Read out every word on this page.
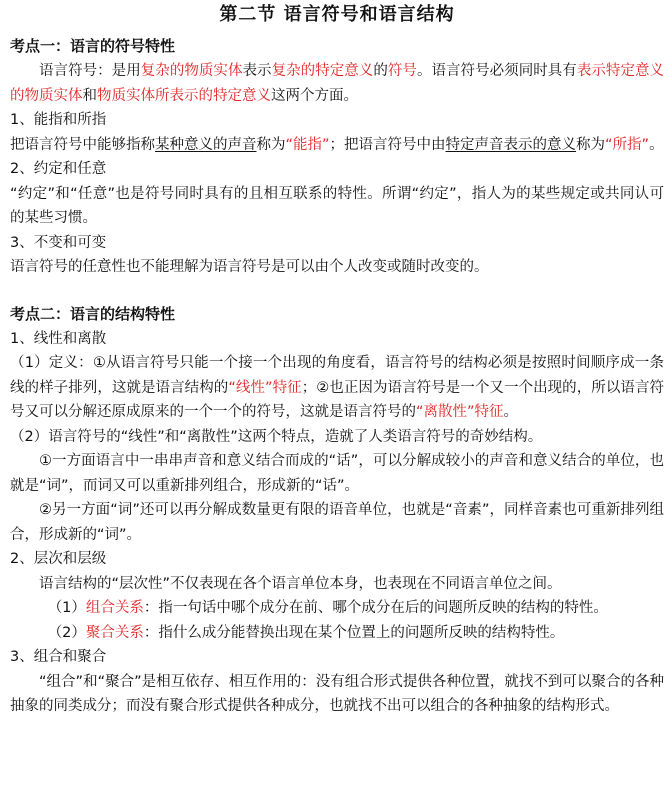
第二节 语言符号和语言结构
考点一：语言的符号特性

语言符号：是用复杂的物质实体表示复杂的特定意义的符号。语言符号必须同时具有表示特定意义的物质实体和物质实体所表示的特定意义这两个方面。

1、能指和所指

把语言符号中能够指称某种意义的声音称为“能指”；把语言符号中由特定声音表示的意义称为“所指”。

2、约定和任意

“约定”和“任意”也是符号同时具有的且相互联系的特性。所谓“约定”，指人为的某些规定或共同认可的某些习惯。

3、不变和可变

语言符号的任意性也不能理解为语言符号是可以由个人改变或随时改变的。

考点二：语言的结构特性

1、线性和离散

（1）定义：①从语言符号只能一个接一个出现的角度看，语言符号的结构必须是按照时间顺序成一条线的样子排列，这就是语言结构的“线性”特征；②也正因为语言符号是一个又一个出现的，所以语言符号又可以分解还原成原来的一个一个的符号，这就是语言符号的“离散性”特征。

（2）语言符号的“线性”和“离散性”这两个特点，造就了人类语言符号的奇妙结构。

①一方面语言中一串串声音和意义结合而成的“话”，可以分解成较小的声音和意义结合的单位，也就是“词”，而词又可以重新排列组合，形成新的“话”。

②另一方面“词”还可以再分解成数量更有限的语音单位，也就是“音素”，同样音素也可重新排列组合，形成新的“词”。

2、层次和层级

语言结构的“层次性”不仅表现在各个语言单位本身，也表现在不同语言单位之间。

（1）组合关系：指一句话中哪个成分在前、哪个成分在后的问题所反映的结构的特性。

（2）聚合关系：指什么成分能替换出现在某个位置上的问题所反映的结构特性。

3、组合和聚合

“组合”和“聚合”是相互依存、相互作用的：没有组合形式提供各种位置，就找不到可以聚合的各种抽象的同类成分；而没有聚合形式提供各种成分，也就找不出可以组合的各种抽象的结构形式。
